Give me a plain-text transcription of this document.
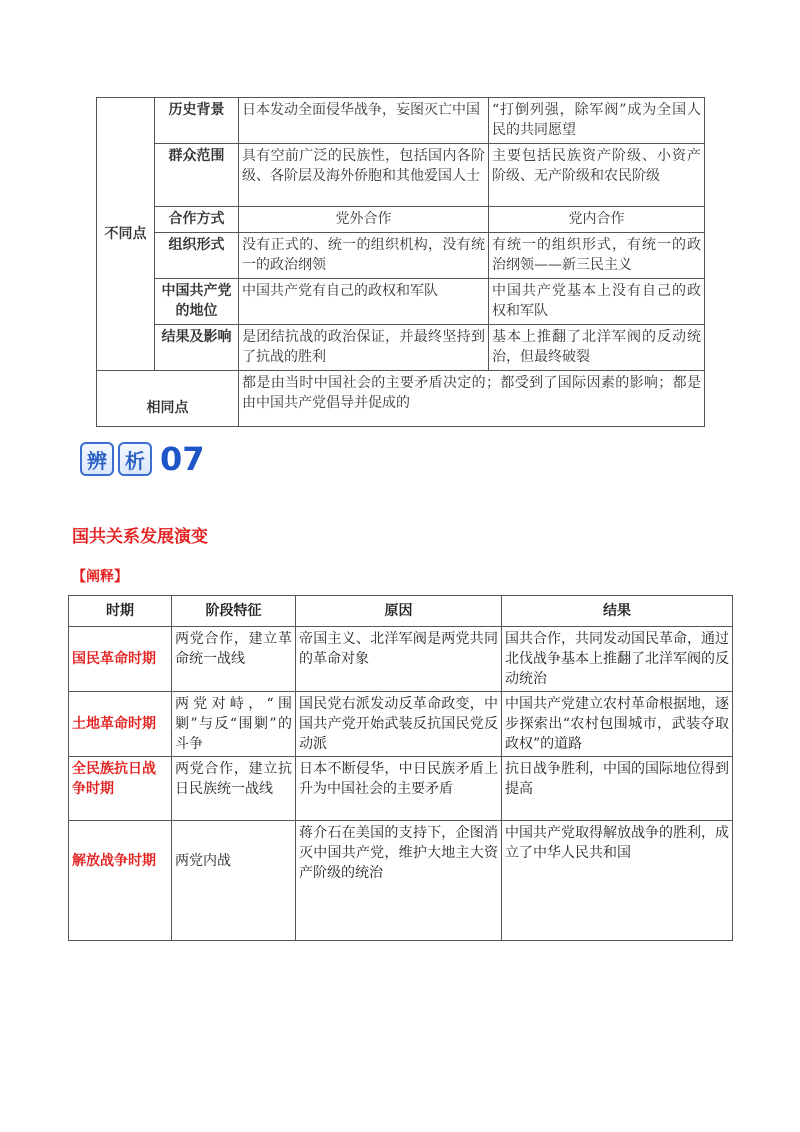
不同点	历史背景	日本发动全面侵华战争，妄图灭亡中国	“打倒列强，除军阀”成为全国人民的共同愿望
	群众范围	具有空前广泛的民族性，包括国内各阶级、各阶层及海外侨胞和其他爱国人士	主要包括民族资产阶级、小资产阶级、无产阶级和农民阶级
	合作方式	党外合作	党内合作
	组织形式	没有正式的、统一的组织机构，没有统一的政治纲领	有统一的组织形式，有统一的政治纲领——新三民主义
	中国共产党的地位	中国共产党有自己的政权和军队	中国共产党基本上没有自己的政权和军队
	结果及影响	是团结抗战的政治保证，并最终坚持到了抗战的胜利	基本上推翻了北洋军阀的反动统治，但最终破裂
相同点		都是由当时中国社会的主要矛盾决定的；都受到了国际因素的影响；都是由中国共产党倡导并促成的	
辨 析 07
国共关系发展演变
【阐释】
时期	阶段特征	原因	结果
国民革命时期	两党合作，建立革命统一战线	帝国主义、北洋军阀是两党共同的革命对象	国共合作，共同发动国民革命，通过北伐战争基本上推翻了北洋军阀的反动统治
土地革命时期	两党对峙，“围剿”与反“围剿”的斗争	国民党右派发动反革命政变，中国共产党开始武装反抗国民党反动派	中国共产党建立农村革命根据地，逐步探索出“农村包围城市，武装夺取政权”的道路
全民族抗日战争时期	两党合作，建立抗日民族统一战线	日本不断侵华，中日民族矛盾上升为中国社会的主要矛盾	抗日战争胜利，中国的国际地位得到提高
解放战争时期	两党内战	蒋介石在美国的支持下，企图消灭中国共产党，维护大地主大资产阶级的统治	中国共产党取得解放战争的胜利，成立了中华人民共和国
